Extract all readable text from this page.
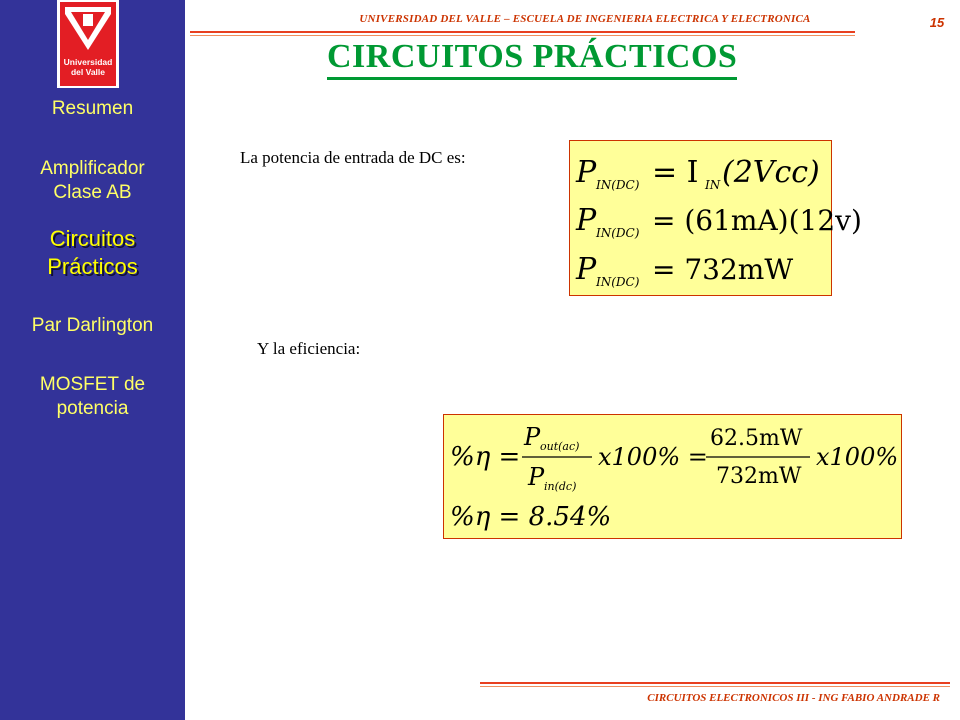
Universidad
del Valle
Resumen
Amplificador
Clase AB
Circuitos
Prácticos
Par Darlington
MOSFET de
potencia
UNIVERSIDAD DEL VALLE – ESCUELA DE INGENIERIA ELECTRICA Y ELECTRONICA	15
CIRCUITOS PRÁCTICOS
La potencia de entrada de DC es:
Y la eficiencia:
P IN(DC) = I IN (2Vcc)
P IN(DC) = (61mA)(12v)
P IN(DC) = 732mW
%η =
P out(ac)
P in(dc)
x100% =
62.5mW
732mW
x100%
%η = 8.54%
CIRCUITOS ELECTRONICOS III - ING FABIO ANDRADE R
